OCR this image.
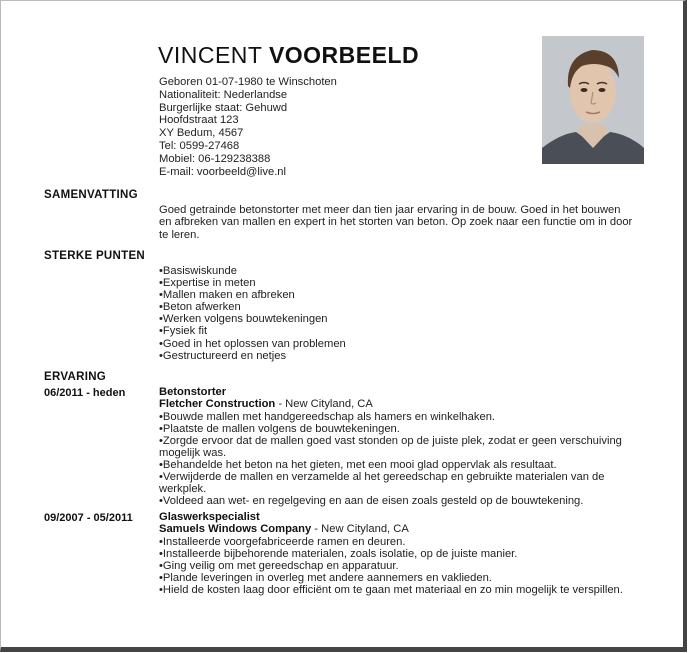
VINCENT VOORBEELD
Geboren 01-07-1980 te Winschoten
Nationaliteit: Nederlandse
Burgerlijke staat: Gehuwd
Hoofdstraat 123
XY Bedum, 4567
Tel: 0599-27468
Mobiel: 06-129238388
E-mail: voorbeeld@live.nl
SAMENVATTING
Goed getrainde betonstorter met meer dan tien jaar ervaring in de bouw. Goed in het bouwen en afbreken van mallen en expert in het storten van beton. Op zoek naar een functie om in door te leren.
STERKE PUNTEN
• Basiswiskunde
• Expertise in meten
• Mallen maken en afbreken
• Beton afwerken
• Werken volgens bouwtekeningen
• Fysiek fit
• Goed in het oplossen van problemen
• Gestructureerd en netjes
ERVARING
06/2011 - heden	Betonstorter
Fletcher Construction - New Cityland, CA
• Bouwde mallen met handgereedschap als hamers en winkelhaken.
• Plaatste de mallen volgens de bouwtekeningen.
• Zorgde ervoor dat de mallen goed vast stonden op de juiste plek, zodat er geen verschuiving mogelijk was.
• Behandelde het beton na het gieten, met een mooi glad oppervlak als resultaat.
• Verwijderde de mallen en verzamelde al het gereedschap en gebruikte materialen van de werkplek.
• Voldeed aan wet- en regelgeving en aan de eisen zoals gesteld op de bouwtekening.
09/2007 - 05/2011 Glaswerkspecialist
Samuels Windows Company - New Cityland, CA
• Installeerde voorgefabriceerde ramen en deuren.
• Installeerde bijbehorende materialen, zoals isolatie, op de juiste manier.
• Ging veilig om met gereedschap en apparatuur.
• Plande leveringen in overleg met andere aannemers en vaklieden.
• Hield de kosten laag door efficiënt om te gaan met materiaal en zo min mogelijk te verspillen.
